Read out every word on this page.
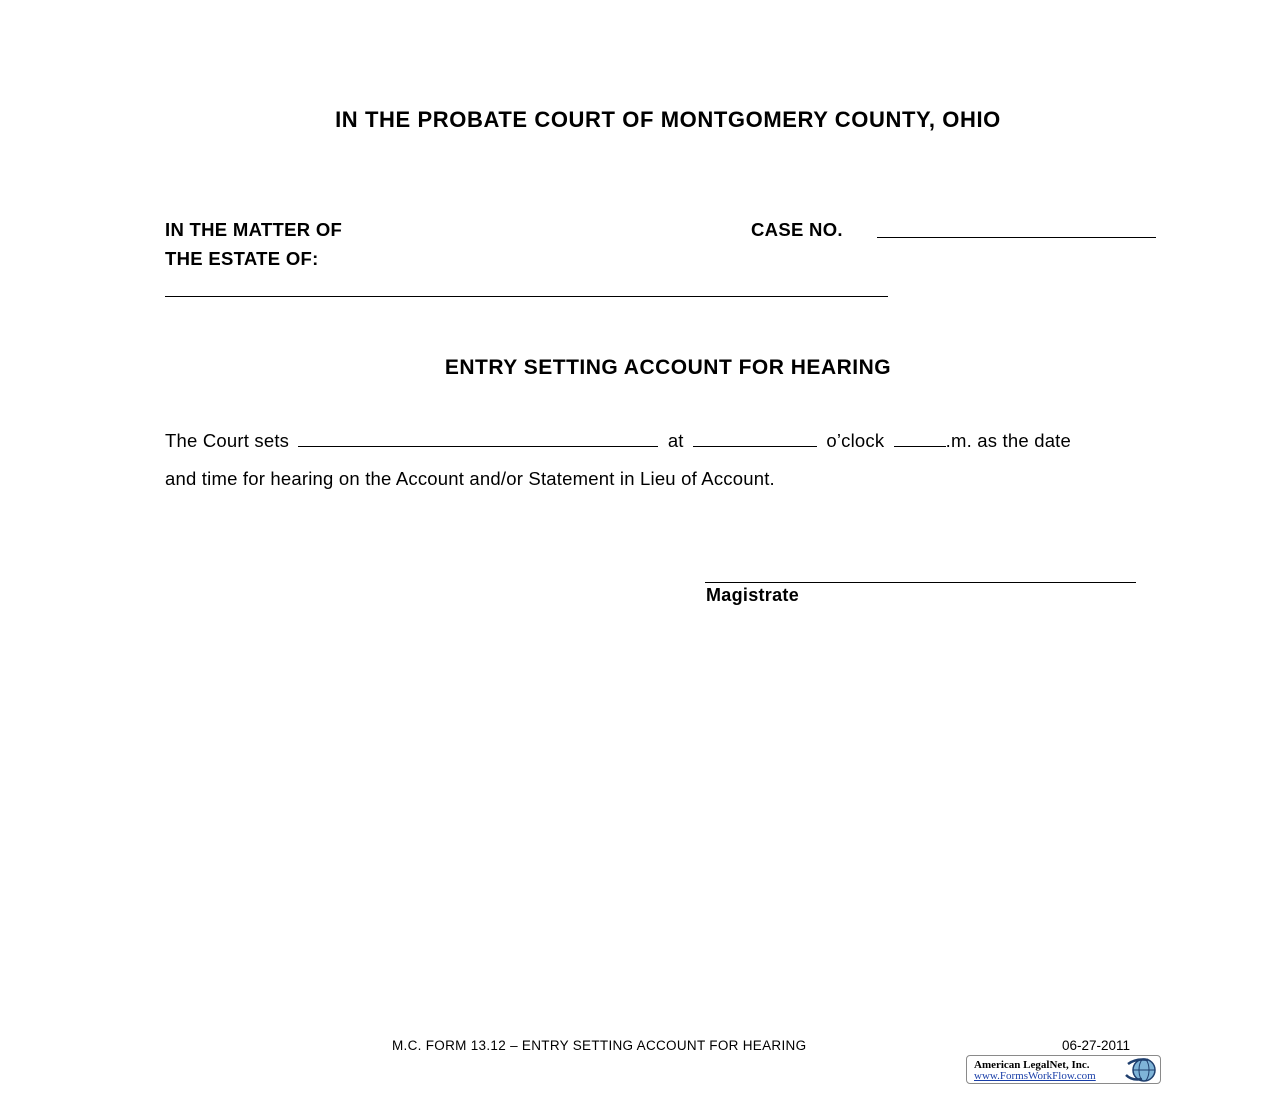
IN THE PROBATE COURT OF MONTGOMERY COUNTY, OHIO
IN THE MATTER OF
THE ESTATE OF:
CASE NO.
ENTRY SETTING ACCOUNT FOR HEARING
The Court sets	at	o’clock	.m. as the date
and time for hearing on the Account and/or Statement in Lieu of Account.
Magistrate
M.C. FORM 13.12 – ENTRY SETTING ACCOUNT FOR HEARING	06-27-2011
American LegalNet, Inc.
www.FormsWorkFlow.com
